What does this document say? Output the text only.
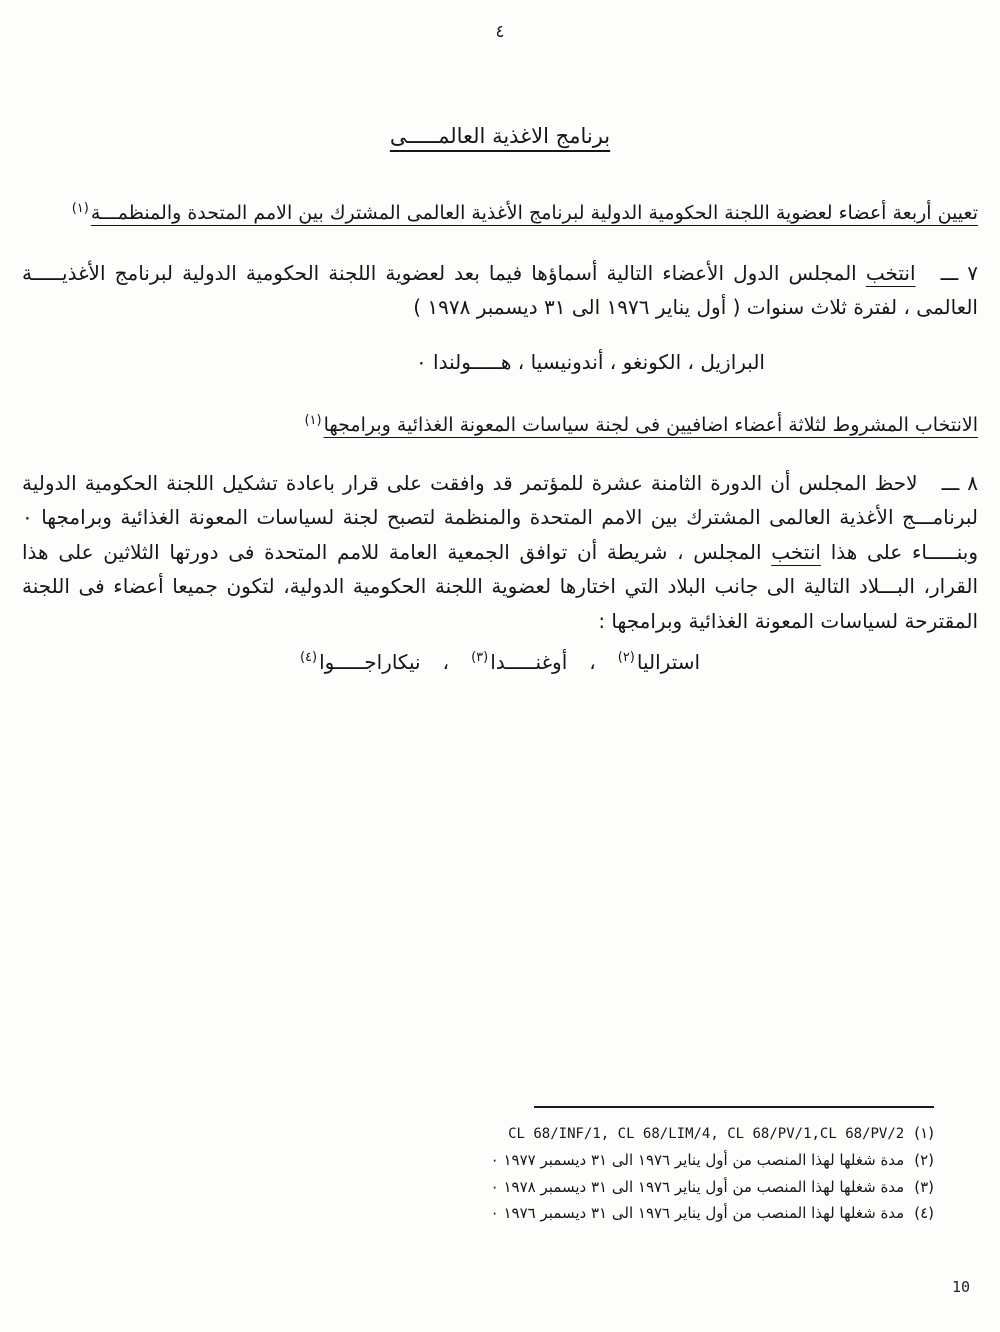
٤
برنامج الاغذية العالمـــــى
تعيين أربعة أعضاء لعضوية اللجنة الحكومية الدولية لبرنامج الأغذية العالمى المشترك بين الامم المتحدة والمنظمـــة$^{(١)}$

٧ ـــ انتخب المجلس الدول الأعضاء التالية أسماؤها فيما بعد لعضوية اللجنة الحكومية الدولية لبرنامج الأغذيـــــة العالمى ، لفترة ثلاث سنوات ( أول يناير ١٩٧٦ الى ٣١ ديسمبر ١٩٧٨ )

البرازيل ، الكونغو ، أندونيسيا ، هـــــولندا ٠

الانتخاب المشروط لثلاثة أعضاء اضافيين فى لجنة سياسات المعونة الغذائية وبرامجها$^{(١)}$

٨ ـــ لاحظ المجلس أن الدورة الثامنة عشرة للمؤتمر قد وافقت على قرار باعادة تشكيل اللجنة الحكومية الدولية لبرنامـــج الأغذية العالمى المشترك بين الامم المتحدة والمنظمة لتصبح لجنة لسياسات المعونة الغذائية وبرامجها ٠ وبنـــــاء على هذا انتخب المجلس ، شريطة أن توافق الجمعية العامة للامم المتحدة فى دورتها الثلاثين على هذا القرار، البـــلاد التالية الى جانب البلاد التي اختارها لعضوية اللجنة الحكومية الدولية، لتكون جميعا أعضاء فى اللجنة المقترحة لسياسات المعونة الغذائية وبرامجها :

استراليا$^{(٢)}$،أوغنـــــدا$^{(٣)}$،نيكاراجـــــوا$^{(٤)}$

(١)CL 68/INF/1, CL 68/LIM/4, CL 68/PV/1,CL 68/PV/2
(٢)مدة شغلها لهذا المنصب من أول يناير ١٩٧٦ الى ٣١ ديسمبر ١٩٧٧ ٠
(٣)مدة شغلها لهذا المنصب من أول يناير ١٩٧٦ الى ٣١ ديسمبر ١٩٧٨ ٠
(٤)مدة شغلها لهذا المنصب من أول يناير ١٩٧٦ الى ٣١ ديسمبر ١٩٧٦ ٠
10
